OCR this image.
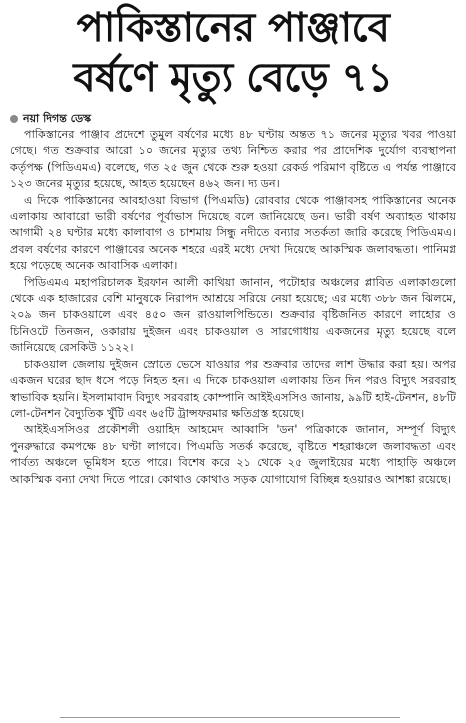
পাকিস্তানের পাঞ্জাবে
বর্ষণে মৃত্যু বেড়ে ৭১
নয়া দিগন্ত ডেস্ক

পাকিস্তানের পাঞ্জাব প্রদেশে তুমুল বর্ষণের মধ্যে ৪৮ ঘণ্টায় অন্তত ৭১ জনের মৃত্যুর খবর পাওয়া গেছে। গত শুক্রবার আরো ১০ জনের মৃত্যুর তথ্য নিশ্চিত করার পর প্রাদেশিক দুর্যোগ ব্যবস্থাপনা কর্তৃপক্ষ (পিডিএমএ) বলেছে, গত ২৫ জুন থেকে শুরু হওয়া রেকর্ড পরিমাণ বৃষ্টিতে এ পর্যন্ত পাঞ্জাবে ১২৩ জনের মৃত্যুর হয়েছে, আহত হয়েছেন ৪৬২ জন। দ্য ডন।

এ দিকে পাকিস্তানের আবহাওয়া বিভাগ (পিএমডি) রোববার থেকে পাঞ্জাবসহ পাকিস্তানের অনেক এলাকায় আবারো ভারী বর্ষণের পূর্বাভাস দিয়েছে বলে জানিয়েছে ডন। ভারী বর্ষণ অব্যাহত থাকায় আগামী ২৪ ঘণ্টার মধ্যে কালাবাগ ও চাশমায় সিন্ধু নদীতে বন্যার সতর্কতা জারি করেছে পিডিএমএ। প্রবল বর্ষণের কারণে পাঞ্জাবের অনেক শহরে এরই মধ্যে দেখা দিয়েছে আকস্মিক জলাবদ্ধতা। পানিমগ্ন হয়ে পড়েছে অনেক আবাসিক এলাকা।

পিডিএমএ মহাপরিচালক ইরফান আলী কাথিয়া জানান, পটোহার অঞ্চলের প্লাবিত এলাকাগুলো থেকে এক হাজারের বেশি মানুষকে নিরাপদ আশ্রয়ে সরিয়ে নেয়া হয়েছে; এর মধ্যে ৩৮৮ জন ঝিলমে, ২০৯ জন চাকওয়ালে এবং ৪৫০ জন রাওয়ালপিন্ডিতে। শুক্রবার বৃষ্টিজনিত কারণে লাহোর ও চিনিওটে তিনজন, ওকারায় দুইজন এবং চাকওয়াল ও সারগোধায় একজনের মৃত্যু হয়েছে বলে জানিয়েছে রেসকিউ ১১২২।

চাকওয়াল জেলায় দুইজন স্রোতে ভেসে যাওয়ার পর শুক্রবার তাদের লাশ উদ্ধার করা হয়। অপর একজন ঘরের ছাদ ধসে পড়ে নিহত হন। এ দিকে চাকওয়াল এলাকায় তিন দিন পরও বিদ্যুৎ সরবরাহ স্বাভাবিক হয়নি। ইসলামাবাদ বিদ্যুৎ সরবরাহ কোম্পানি আইইএসসিও জানায়, ৯৯টি হাই-টেনশন, ৪৮টি লো-টেনশন বৈদ্যুতিক খুঁটি এবং ৬৫টি ট্রান্সফরমার ক্ষতিগ্রস্ত হয়েছে।

আইইএসসিওর প্রকৌশলী ওয়াহিদ আহমেদ আব্বাসি 'ডন' পত্রিকাকে জানান, সম্পূর্ণ বিদ্যুৎ পুনরুদ্ধারে কমপক্ষে ৪৮ ঘণ্টা লাগবে। পিএমডি সতর্ক করেছে, বৃষ্টিতে শহরাঞ্চলে জলাবদ্ধতা এবং পার্বত্য অঞ্চলে ভূমিধস হতে পারে। বিশেষ করে ২১ থেকে ২৫ জুলাইয়ের মধ্যে পাহাড়ি অঞ্চলে আকস্মিক বন্যা দেখা দিতে পারে। কোথাও কোথাও সড়ক যোগাযোগ বিচ্ছিন্ন হওয়ারও আশঙ্কা রয়েছে।
